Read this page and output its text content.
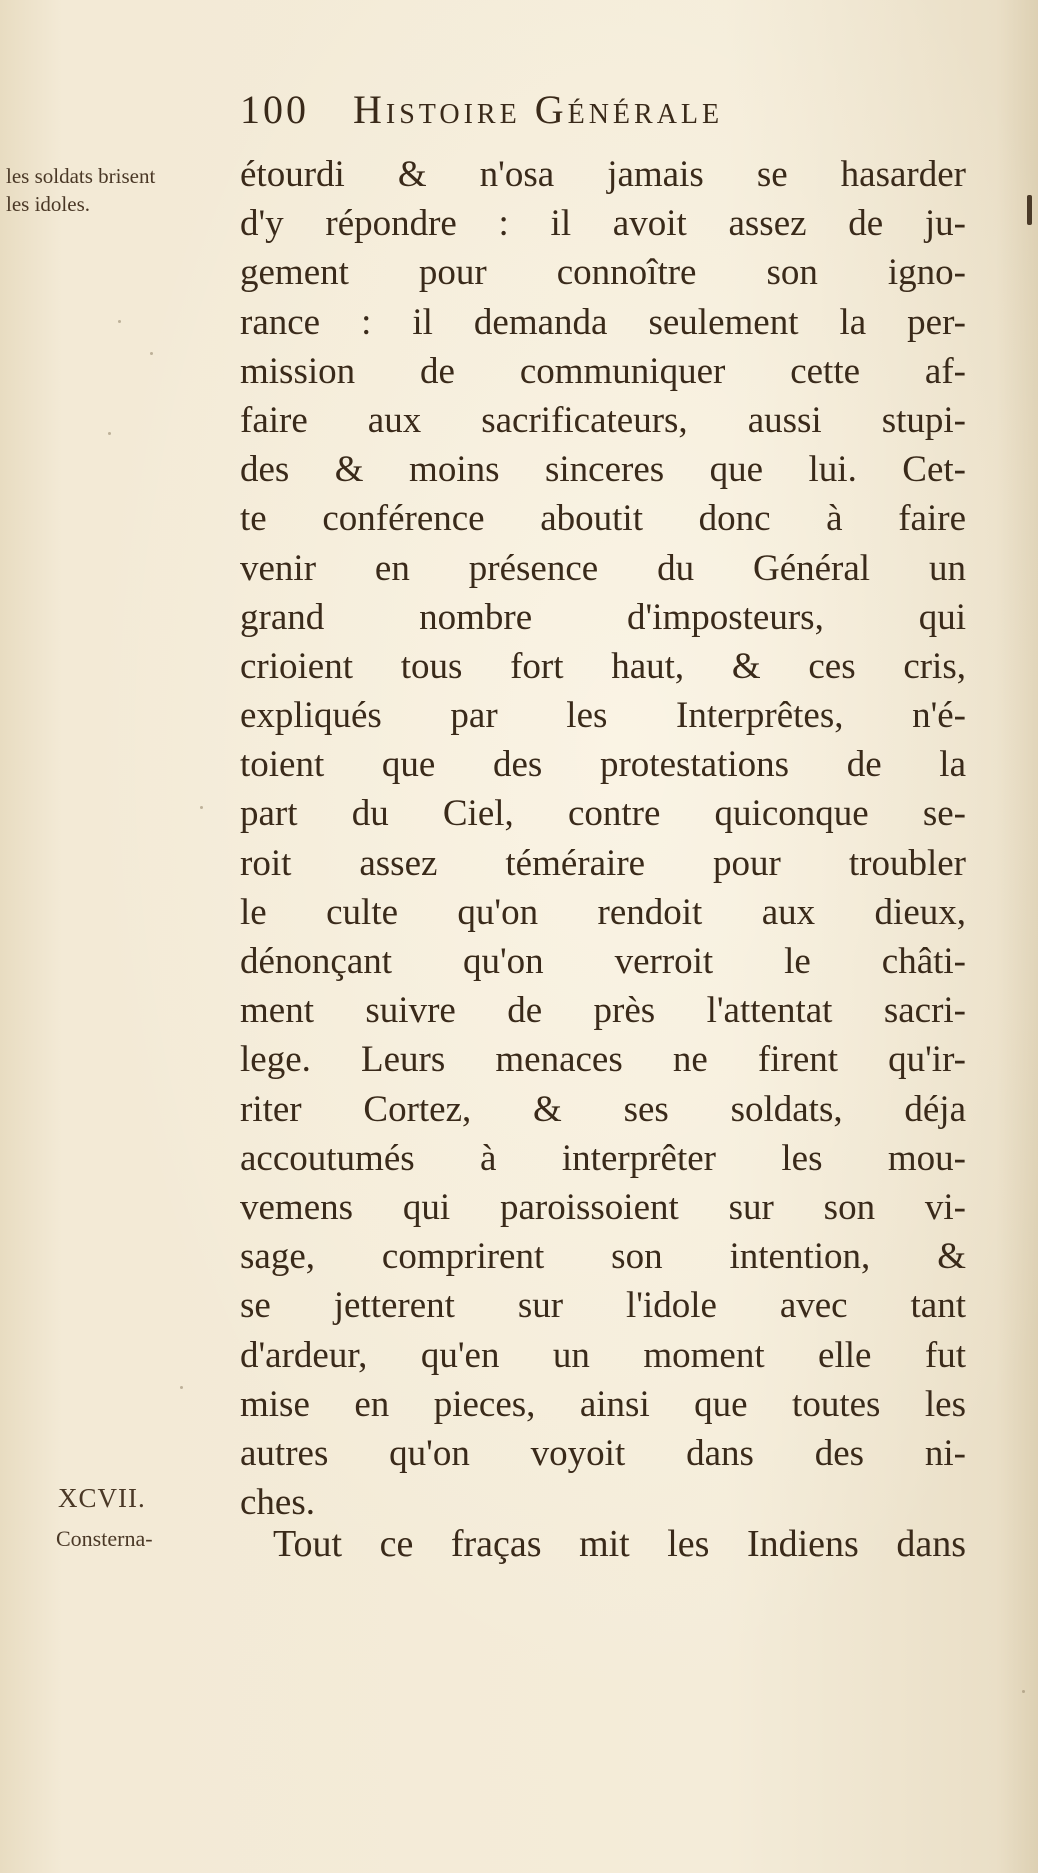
100 Histoire Générale
les soldats brisent les idoles.
étourdi & n'osa jamais se hasarder
d'y répondre : il avoit assez de ju-
gement pour connoître son igno-
rance : il demanda seulement la per-
mission de communiquer cette af-
faire aux sacrificateurs, aussi stupi-
des & moins sinceres que lui. Cet-
te conférence aboutit donc à faire
venir en présence du Général un
grand nombre d'imposteurs, qui
crioient tous fort haut, & ces cris,
expliqués par les Interprêtes, n'é-
toient que des protestations de la
part du Ciel, contre quiconque se-
roit assez téméraire pour troubler
le culte qu'on rendoit aux dieux,
dénonçant qu'on verroit le châti-
ment suivre de près l'attentat sacri-
lege. Leurs menaces ne firent qu'ir-
riter Cortez, & ses soldats, déja
accoutumés à interprêter les mou-
vemens qui paroissoient sur son vi-
sage, comprirent son intention, &
se jetterent sur l'idole avec tant
d'ardeur, qu'en un moment elle fut
mise en pieces, ainsi que toutes les
autres qu'on voyoit dans des ni-
ches.
XCVII.
Consterna-	Tout ce fraças mit les Indiens dans
